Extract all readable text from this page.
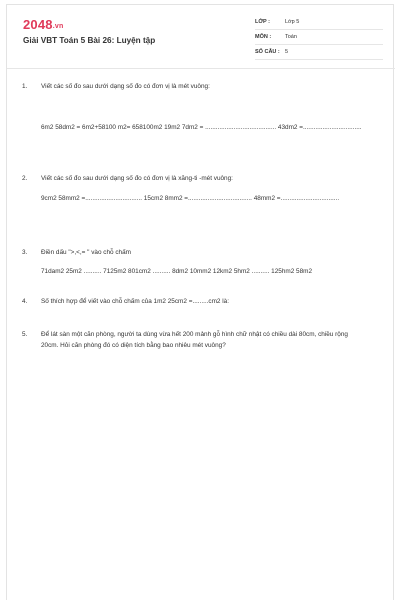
2048.vn
Giải VBT Toán 5 Bài 26: Luyện tập
LỚP :	Lớp 5
MÔN :	Toán
SỐ CÂU : 5
1. Viết các số đo sau dưới dạng số đo có đơn vị là mét vuông:
6m2 58dm2 = 6m2+58100 m2= 658100m2 19m2 7dm2 = ........................................ 43dm2 =.................................
2. Viết các số đo sau dưới dạng số đo có đơn vị là xăng-ti -mét vuông:
9cm2 58mm2 =................................ 15cm2 8mm2 =.................................... 48mm2 =.................................
3. Điền dấu ">,<,= " vào chỗ chấm
71dam2 25m2 .......... 7125m2 801cm2 .......... 8dm2 10mm2 12km2 5hm2 .......... 125hm2 58m2
4. Số thích hợp để viết vào chỗ chấm của 1m2 25cm2 =.........cm2 là:
5. Để lát sàn một căn phòng, người ta dùng vừa hết 200 mảnh gỗ hình chữ nhật có chiều dài 80cm, chiều rộng 20cm. Hỏi căn phòng đó có diện tích bằng bao nhiêu mét vuông?
